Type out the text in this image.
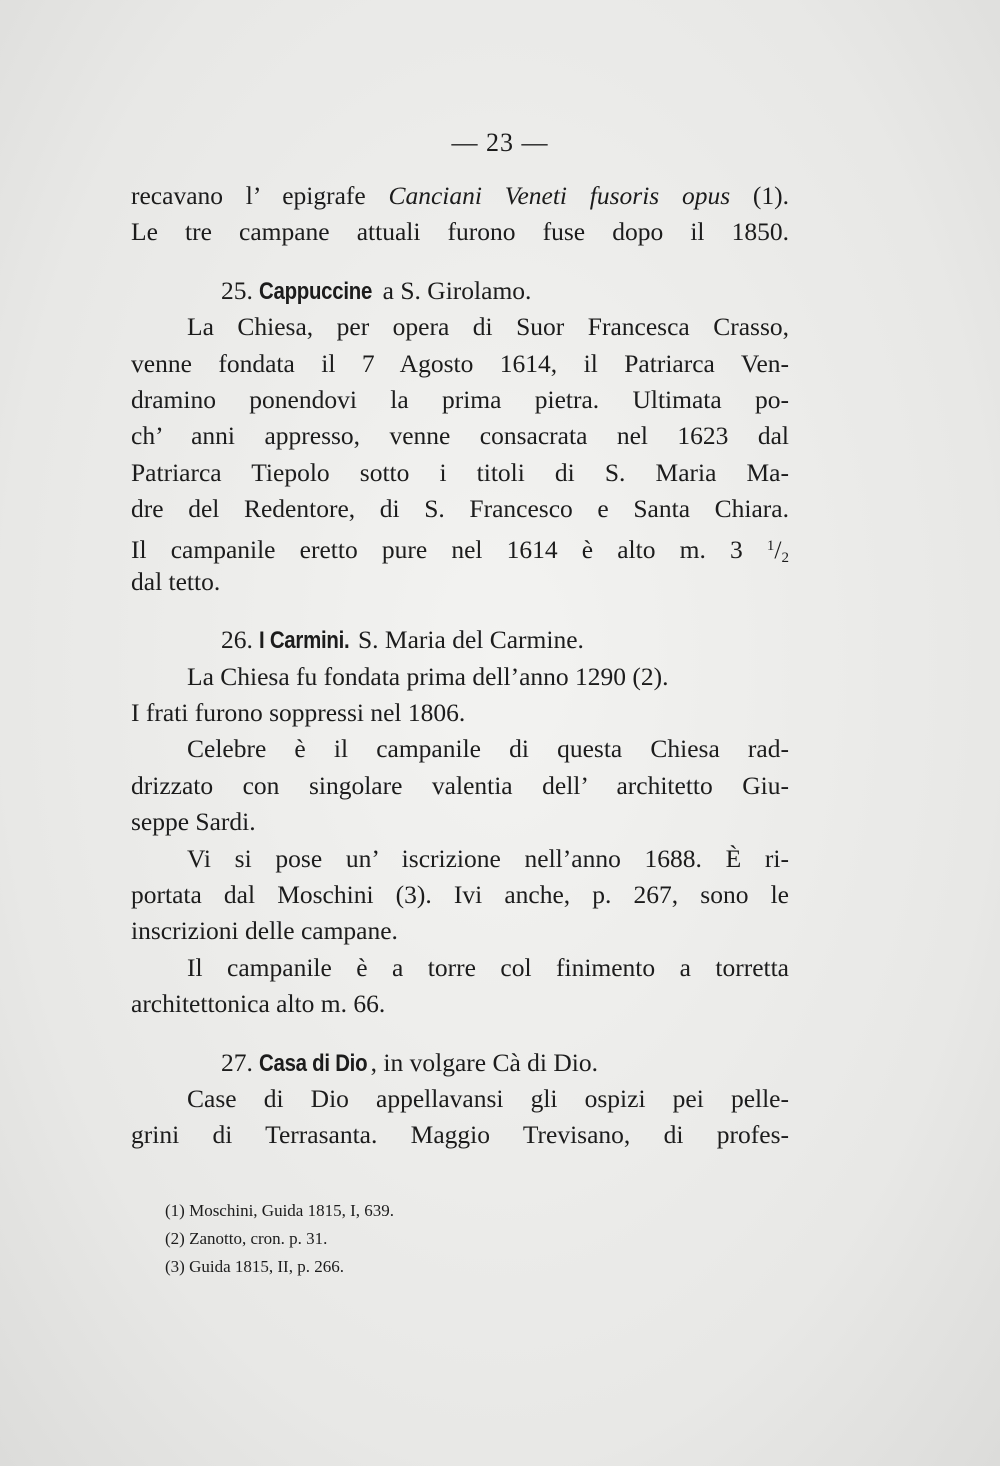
— 23 —
recavano l’ epigrafe Canciani Veneti fusoris opus (1).
Le tre campane attuali furono fuse dopo il 1850.
25. Cappuccine a S. Girolamo.
La Chiesa, per opera di Suor Francesca Crasso,
venne fondata il 7 Agosto 1614, il Patriarca Ven-
dramino ponendovi la prima pietra. Ultimata po-
ch’ anni appresso, venne consacrata nel 1623 dal
Patriarca Tiepolo sotto i titoli di S. Maria Ma-
dre del Redentore, di S. Francesco e Santa Chiara.
Il campanile eretto pure nel 1614 è alto m. 3 $^1/_2$
dal tetto.
26. I Carmini. S. Maria del Carmine.
La Chiesa fu fondata prima dell’anno 1290 (2).
I frati furono soppressi nel 1806.
Celebre è il campanile di questa Chiesa rad-
drizzato con singolare valentia dell’ architetto Giu-
seppe Sardi.
Vi si pose un’ iscrizione nell’anno 1688. È ri-
portata dal Moschini (3). Ivi anche, p. 267, sono le
inscrizioni delle campane.
Il campanile è a torre col finimento a torretta
architettonica alto m. 66.
27. Casa di Dio , in volgare Cà di Dio.
Case di Dio appellavansi gli ospizi pei pelle-
grini di Terrasanta. Maggio Trevisano, di profes-
(1) Moschini, Guida 1815, I, 639.
(2) Zanotto, cron. p. 31.
(3) Guida 1815, II, p. 266.
